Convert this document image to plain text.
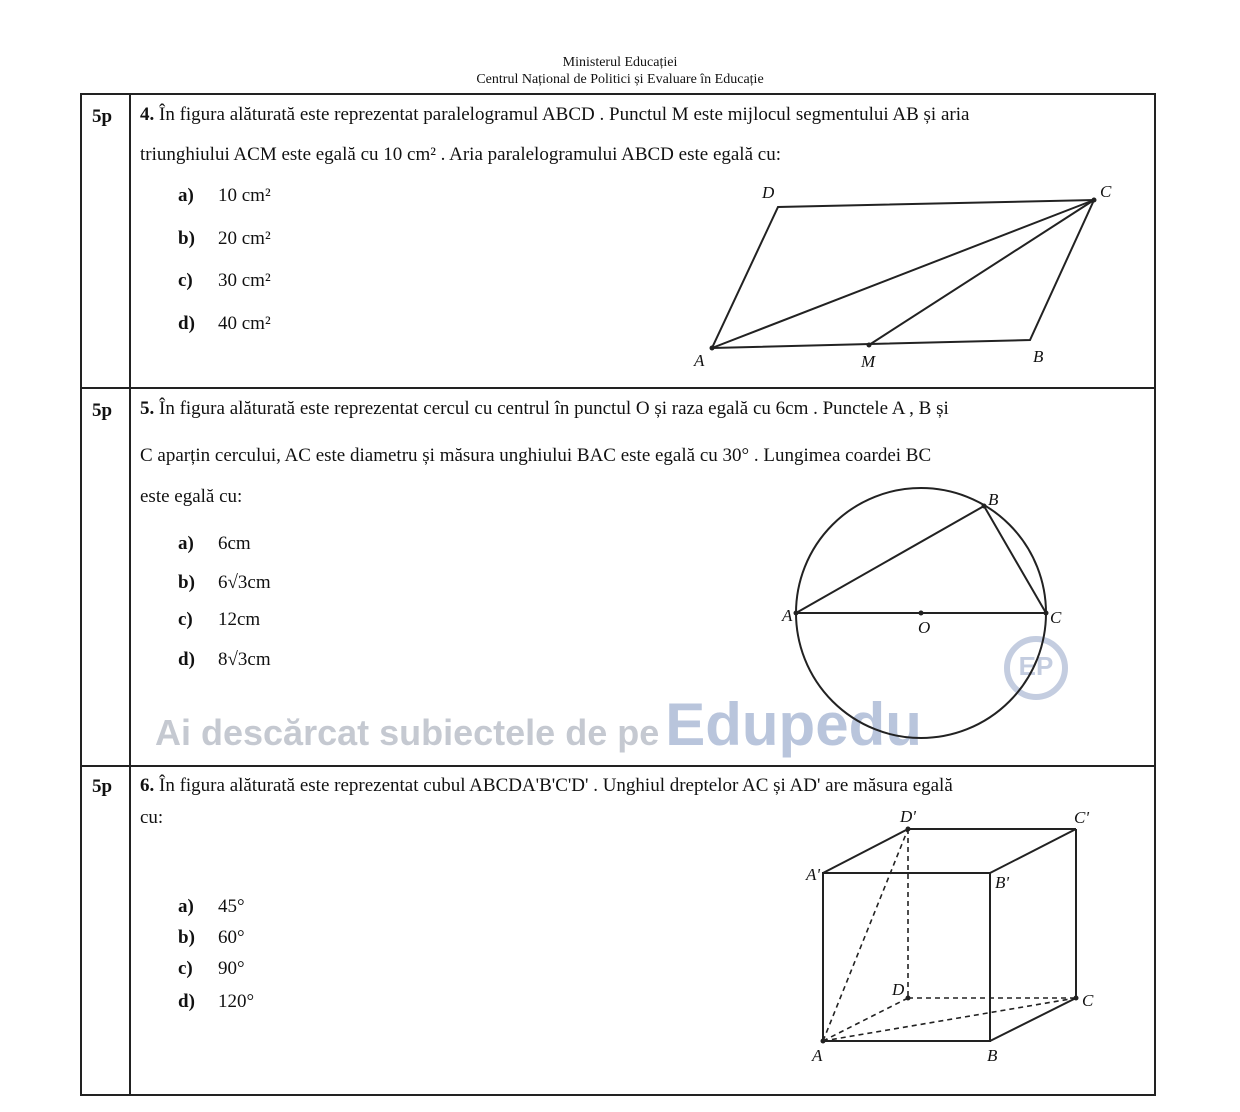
Ministerul Educației
Centrul Național de Politici și Evaluare în Educație
5p 4. În figura alăturată este reprezentat paralelogramul ABCD . Punctul M este mijlocul segmentului AB și aria
triunghiului ACM este egală cu 10 cm² . Aria paralelogramului ABCD este egală cu:
a) 10 cm²
b) 20 cm²
c) 30 cm²
d) 40 cm²
A	B
C
D
M
5p 5. În figura alăturată este reprezentat cercul cu centrul în punctul O și raza egală cu 6cm . Punctele A , B și
C aparțin cercului, AC este diametru și măsura unghiului BAC este egală cu 30° . Lungimea coardei BC
este egală cu:
a) 6cm
b) 6√3cm
c) 12cm
d) 8√3cm
Ai descărcat subiectele de pe Edupedu
EP
A
B
C
O
5p 6. În figura alăturată este reprezentat cubul ABCDA'B'C'D' . Unghiul dreptelor AC și AD' are măsura egală
cu:
a) 45°
b) 60°
c) 90°
d) 120°
A	B
C
D
A'	B'
C'
D'
